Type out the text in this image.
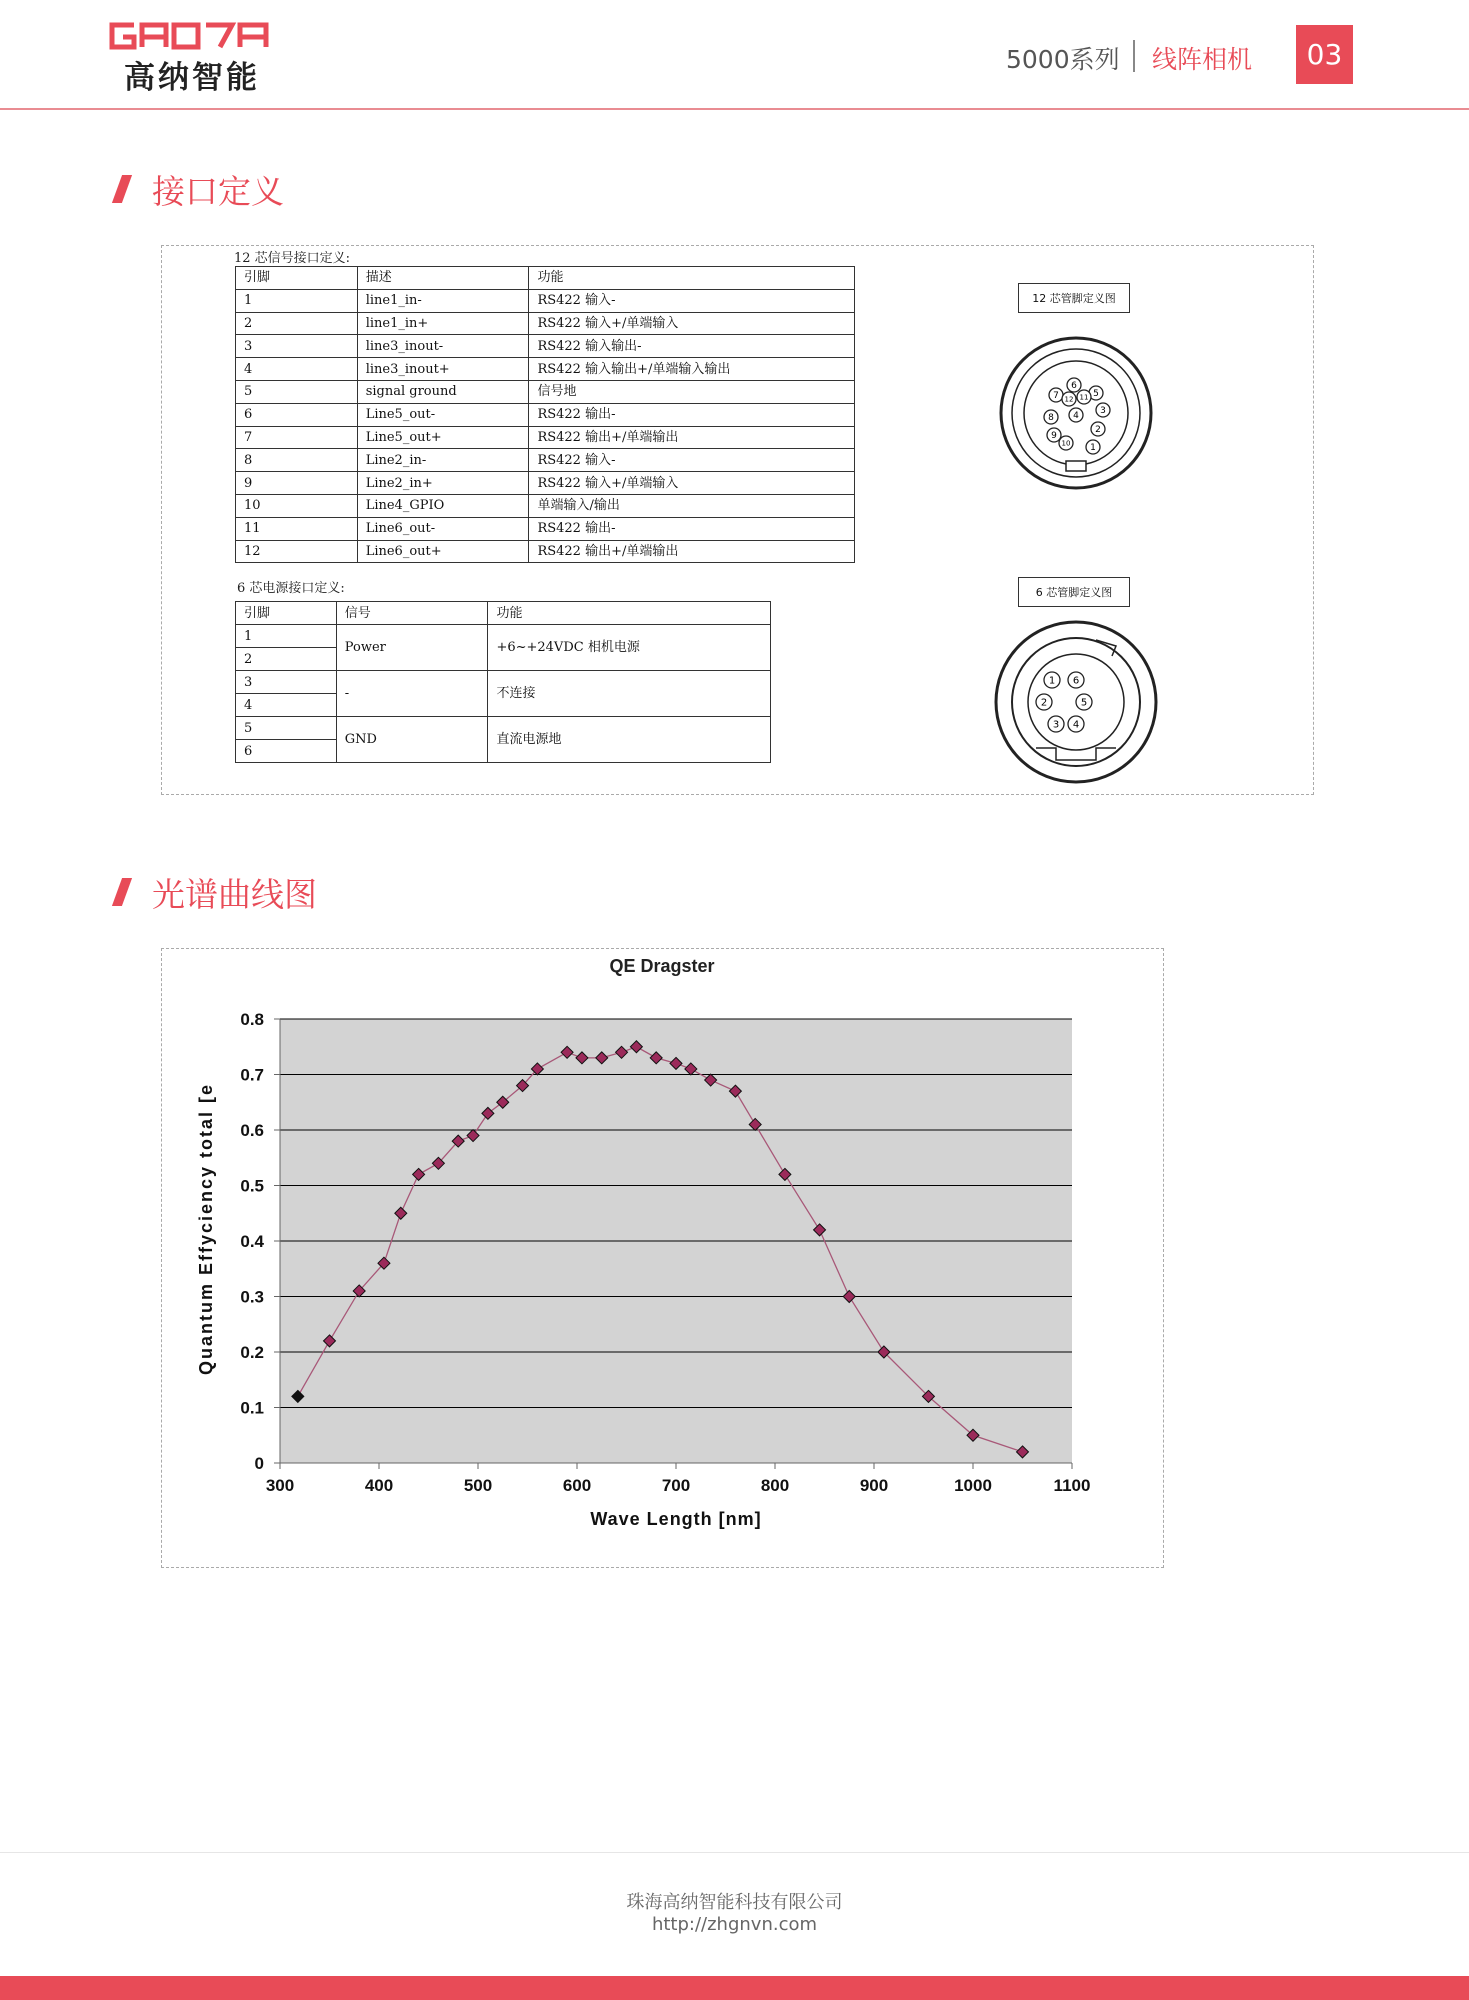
高纳智能
5000系列 线阵相机	03
接口定义
12 芯信号接口定义:
引脚	描述	功能
1	line1_in-	RS422 输入-
2	line1_in+	RS422 输入+/单端输入
3	line3_inout-	RS422 输入输出-
4	line3_inout+	RS422 输入输出+/单端输入输出
5	signal ground	信号地
6	Line5_out-	RS422 输出-
7	Line5_out+	RS422 输出+/单端输出
8	Line2_in-	RS422 输入-
9	Line2_in+	RS422 输入+/单端输入
10	Line4_GPIO	单端输入/输出
11	Line6_out-	RS422 输出-
12	Line6_out+	RS422 输出+/单端输出
6 芯电源接口定义:
引脚	信号	功能
1	Power	+6~+24VDC 相机电源
2		
3	-	不连接
4		
5	GND	直流电源地
6		
12 芯管脚定义图
1
2
3
4
5
6
7
8
9
10
11
12
6 芯管脚定义图
1
2
3 4
5
6
光谱曲线图
0
0.1
0.2
0.3
0.4
0.5
0.6
0.7
0.8
300	400	500	600	700	800	900	1000	1100
QE Dragster
Wave Length [nm]
Quantum Effyciency total [e
珠海高纳智能科技有限公司
http://zhgnvn.com
